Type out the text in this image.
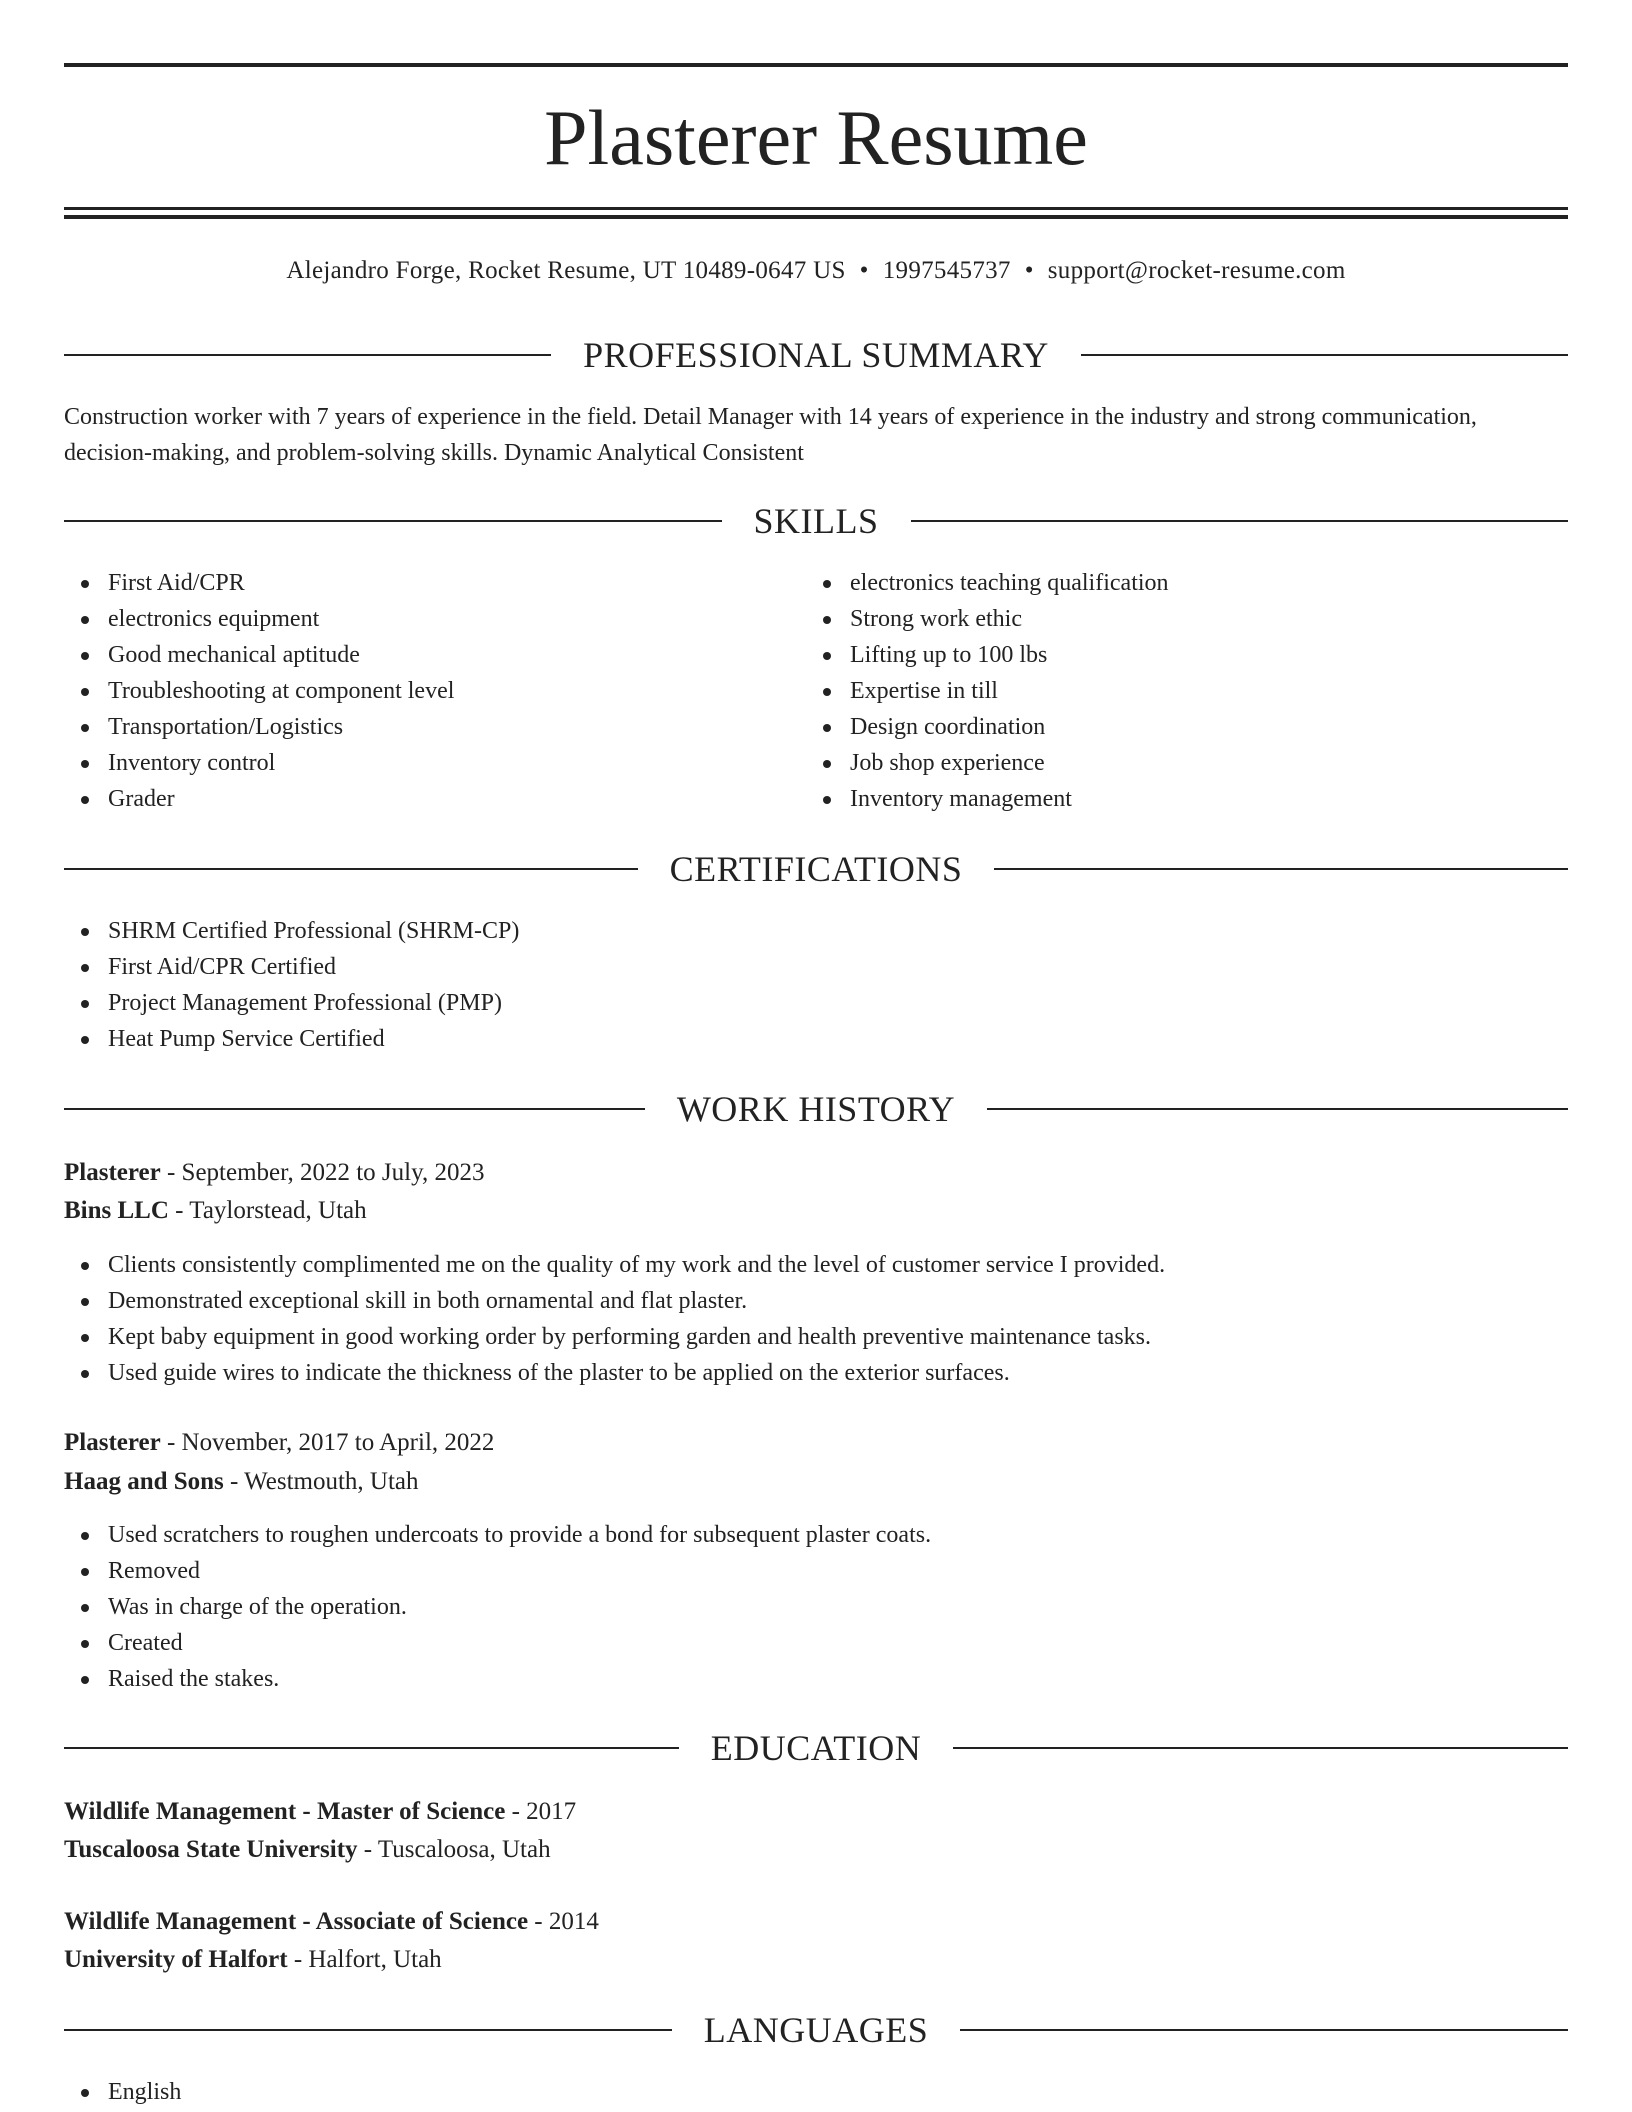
Plasterer Resume
Alejandro Forge, Rocket Resume, UT 10489-0647 US • 1997545737 • support@rocket-resume.com
PROFESSIONAL SUMMARY
Construction worker with 7 years of experience in the field. Detail Manager with 14 years of experience in the industry and strong communication,
decision-making, and problem-solving skills. Dynamic Analytical Consistent
SKILLS
First Aid/CPR
electronics equipment
Good mechanical aptitude
Troubleshooting at component level
Transportation/Logistics
Inventory control
Grader
electronics teaching qualification
Strong work ethic
Lifting up to 100 lbs
Expertise in till
Design coordination
Job shop experience
Inventory management
CERTIFICATIONS
SHRM Certified Professional (SHRM-CP)
First Aid/CPR Certified
Project Management Professional (PMP)
Heat Pump Service Certified
WORK HISTORY
Plasterer - September, 2022 to July, 2023
Bins LLC - Taylorstead, Utah
Clients consistently complimented me on the quality of my work and the level of customer service I provided.
Demonstrated exceptional skill in both ornamental and flat plaster.
Kept baby equipment in good working order by performing garden and health preventive maintenance tasks.
Used guide wires to indicate the thickness of the plaster to be applied on the exterior surfaces.
Plasterer - November, 2017 to April, 2022
Haag and Sons - Westmouth, Utah
Used scratchers to roughen undercoats to provide a bond for subsequent plaster coats.
Removed
Was in charge of the operation.
Created
Raised the stakes.
EDUCATION
Wildlife Management - Master of Science - 2017
Tuscaloosa State University - Tuscaloosa, Utah
Wildlife Management - Associate of Science - 2014
University of Halfort - Halfort, Utah
LANGUAGES
English
